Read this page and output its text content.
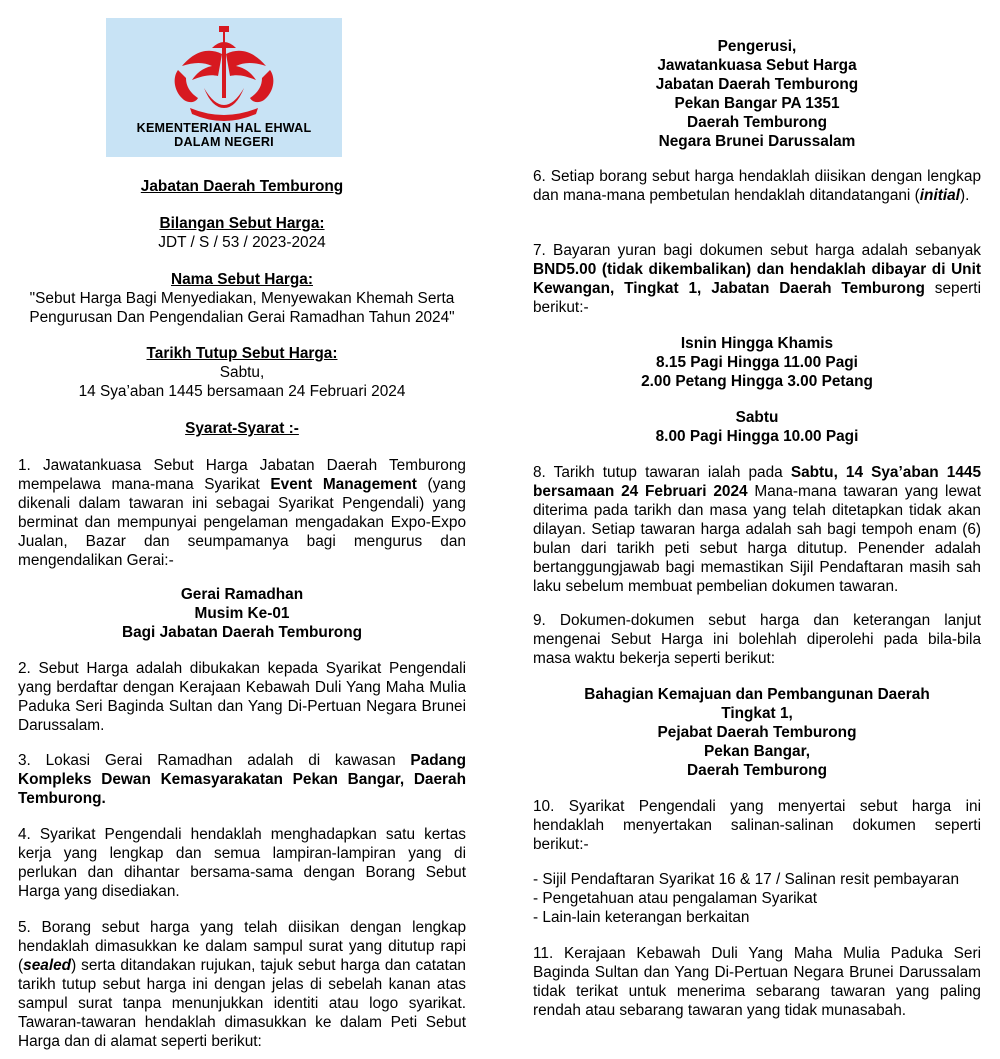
KEMENTERIAN HAL EHWAL
DALAM NEGERI

Jabatan Daerah Temburong

Bilangan Sebut Harga:

JDT / S / 53 / 2023-2024

Nama Sebut Harga:

"Sebut Harga Bagi Menyediakan, Menyewakan Khemah Serta

Pengurusan Dan Pengendalian Gerai Ramadhan Tahun 2024"

Tarikh Tutup Sebut Harga:

Sabtu,

14 Sya’aban 1445 bersamaan 24 Februari 2024

Syarat-Syarat :-

1. Jawatankuasa Sebut Harga Jabatan Daerah Temburong mempelawa mana-mana Syarikat Event Management (yang dikenali dalam tawaran ini sebagai Syarikat Pengendali) yang berminat dan mempunyai pengelaman mengadakan Expo-Expo Jualan, Bazar dan seumpamanya bagi mengurus dan mengendalikan Gerai:-

Gerai Ramadhan

Musim Ke-01

Bagi Jabatan Daerah Temburong

2. Sebut Harga adalah dibukakan kepada Syarikat Pengendali yang berdaftar dengan Kerajaan Kebawah Duli Yang Maha Mulia Paduka Seri Baginda Sultan dan Yang Di-Pertuan Negara Brunei Darussalam.

3. Lokasi Gerai Ramadhan adalah di kawasan Padang Kompleks Dewan Kemasyarakatan Pekan Bangar, Daerah Temburong.

4. Syarikat Pengendali hendaklah menghadapkan satu kertas kerja yang lengkap dan semua lampiran-lampiran yang di perlukan dan dihantar bersama-sama dengan Borang Sebut Harga yang disediakan.

5. Borang sebut harga yang telah diisikan dengan lengkap hendaklah dimasukkan ke dalam sampul surat yang ditutup rapi (sealed) serta ditandakan rujukan, tajuk sebut harga dan catatan tarikh tutup sebut harga ini dengan jelas di sebelah kanan atas sampul surat tanpa menunjukkan identiti atau logo syarikat. Tawaran-tawaran hendaklah dimasukkan ke dalam Peti Sebut Harga dan di alamat seperti berikut:

Pengerusi,

Jawatankuasa Sebut Harga

Jabatan Daerah Temburong

Pekan Bangar PA 1351

Daerah Temburong

Negara Brunei Darussalam

6. Setiap borang sebut harga hendaklah diisikan dengan lengkap dan mana-mana pembetulan hendaklah ditandatangani (initial).

7. Bayaran yuran bagi dokumen sebut harga adalah sebanyak BND5.00 (tidak dikembalikan) dan hendaklah dibayar di Unit Kewangan, Tingkat 1, Jabatan Daerah Temburong seperti berikut:-

Isnin Hingga Khamis

8.15 Pagi Hingga 11.00 Pagi

2.00 Petang Hingga 3.00 Petang

Sabtu

8.00 Pagi Hingga 10.00 Pagi

8. Tarikh tutup tawaran ialah pada Sabtu, 14 Sya’aban 1445 bersamaan 24 Februari 2024 Mana-mana tawaran yang lewat diterima pada tarikh dan masa yang telah ditetapkan tidak akan dilayan. Setiap tawaran harga adalah sah bagi tempoh enam (6) bulan dari tarikh peti sebut harga ditutup. Penender adalah bertanggungjawab bagi memastikan Sijil Pendaftaran masih sah laku sebelum membuat pembelian dokumen tawaran.

9. Dokumen-dokumen sebut harga dan keterangan lanjut mengenai Sebut Harga ini bolehlah diperolehi pada bila-bila masa waktu bekerja seperti berikut:

Bahagian Kemajuan dan Pembangunan Daerah

Tingkat 1,

Pejabat Daerah Temburong

Pekan Bangar,

Daerah Temburong

10. Syarikat Pengendali yang menyertai sebut harga ini hendaklah menyertakan salinan-salinan dokumen seperti berikut:-

- Sijil Pendaftaran Syarikat 16 & 17 / Salinan resit pembayaran

- Pengetahuan atau pengalaman Syarikat

- Lain-lain keterangan berkaitan

11. Kerajaan Kebawah Duli Yang Maha Mulia Paduka Seri Baginda Sultan dan Yang Di-Pertuan Negara Brunei Darussalam tidak terikat untuk menerima sebarang tawaran yang paling rendah atau sebarang tawaran yang tidak munasabah.
